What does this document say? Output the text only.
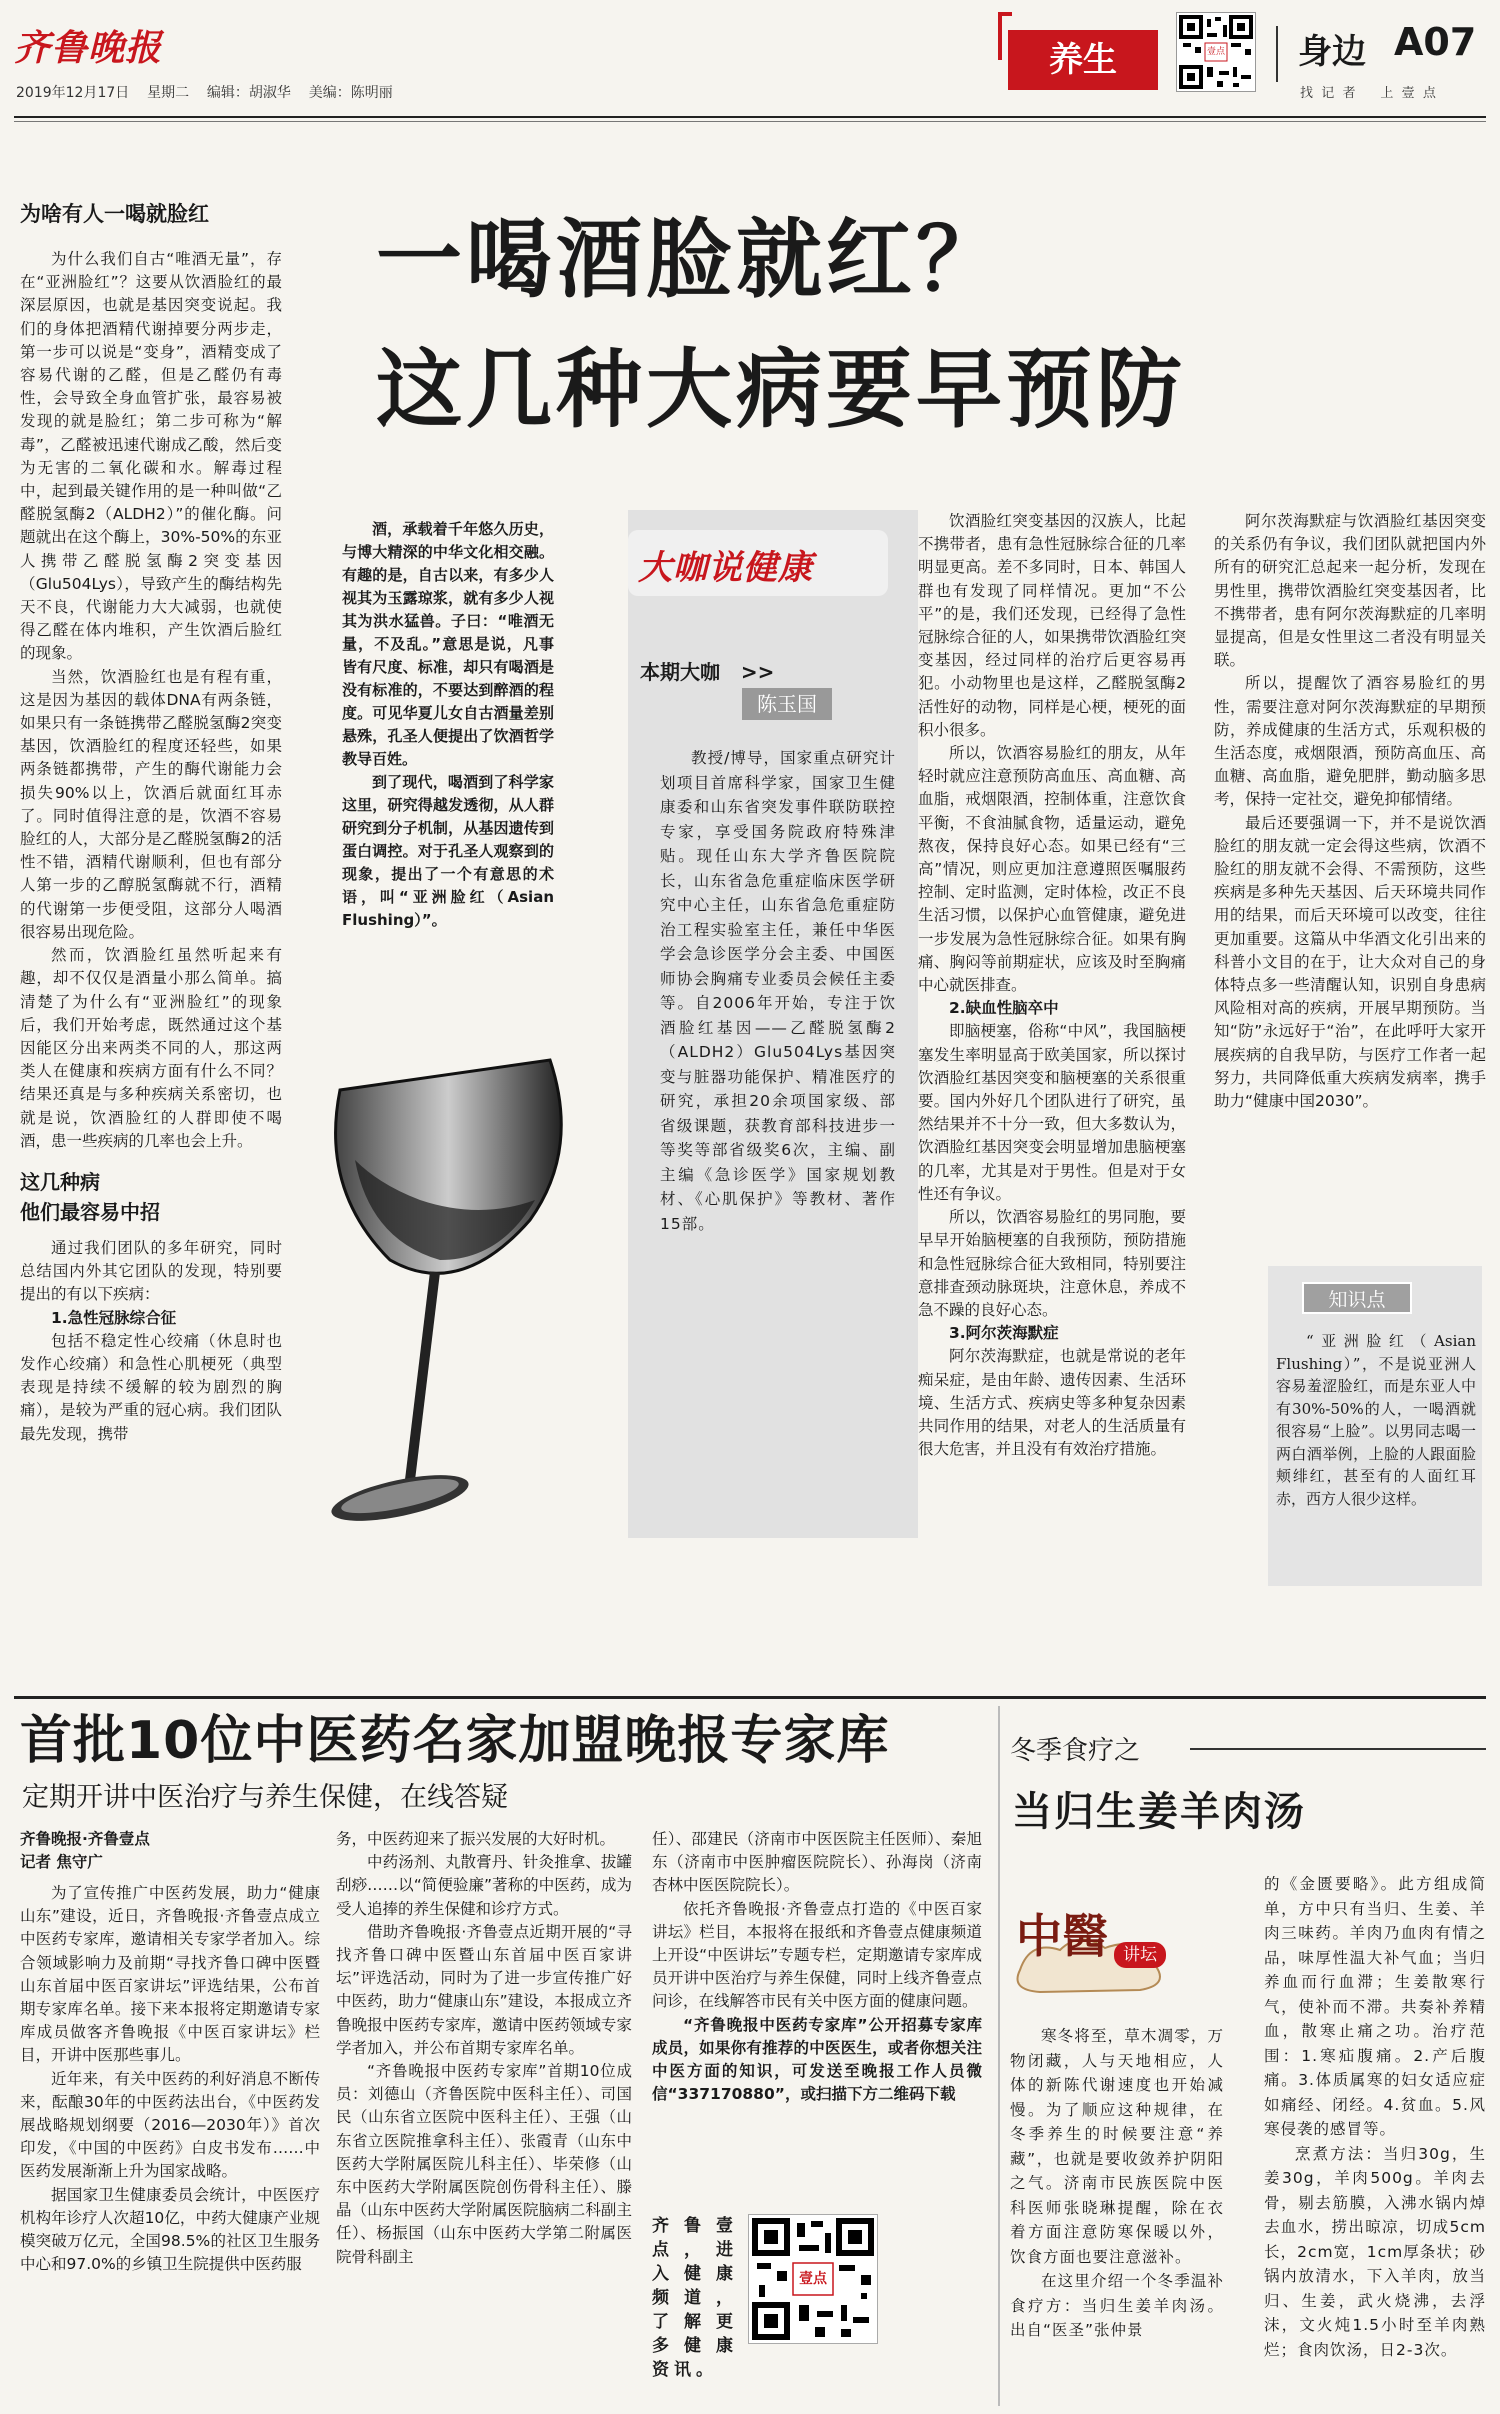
齐鲁晚报
2019年12月17日 星期二 编辑：胡淑华 美编：陈明丽
养生	壹点 身边 A07
找  记  者      上  壹  点
为啥有人一喝就脸红

为什么我们自古“唯酒无量”，存在“亚洲脸红”？这要从饮酒脸红的最深层原因，也就是基因突变说起。我们的身体把酒精代谢掉要分两步走，第一步可以说是“变身”，酒精变成了容易代谢的乙醛，但是乙醛仍有毒性，会导致全身血管扩张，最容易被发现的就是脸红；第二步可称为“解毒”，乙醛被迅速代谢成乙酸，然后变为无害的二氧化碳和水。解毒过程中，起到最关键作用的是一种叫做“乙醛脱氢酶2（ALDH2）”的催化酶。问题就出在这个酶上，30%-50%的东亚人携带乙醛脱氢酶2突变基因（Glu504Lys），导致产生的酶结构先天不良，代谢能力大大减弱，也就使得乙醛在体内堆积，产生饮酒后脸红的现象。

当然，饮酒脸红也是有程有重，这是因为基因的载体DNA有两条链，如果只有一条链携带乙醛脱氢酶2突变基因，饮酒脸红的程度还轻些，如果两条链都携带，产生的酶代谢能力会损失90%以上，饮酒后就面红耳赤了。同时值得注意的是，饮酒不容易脸红的人，大部分是乙醛脱氢酶2的活性不错，酒精代谢顺利，但也有部分人第一步的乙醇脱氢酶就不行，酒精的代谢第一步便受阻，这部分人喝酒很容易出现危险。

然而，饮酒脸红虽然听起来有趣，却不仅仅是酒量小那么简单。搞清楚了为什么有“亚洲脸红”的现象后，我们开始考虑，既然通过这个基因能区分出来两类不同的人，那这两类人在健康和疾病方面有什么不同？结果还真是与多种疾病关系密切，也就是说，饮酒脸红的人群即使不喝酒，患一些疾病的几率也会上升。

这几种病
他们最容易中招

通过我们团队的多年研究，同时总结国内外其它团队的发现，特别要提出的有以下疾病：

1.急性冠脉综合征

包括不稳定性心绞痛（休息时也发作心绞痛）和急性心肌梗死（典型表现是持续不缓解的较为剧烈的胸痛），是较为严重的冠心病。我们团队最先发现，携带

一喝酒脸就红？
这几种大病要早预防

酒，承载着千年悠久历史，与博大精深的中华文化相交融。有趣的是，自古以来，有多少人视其为玉露琼浆，就有多少人视其为洪水猛兽。子曰：“唯酒无量，不及乱。”意思是说，凡事皆有尺度、标准，却只有喝酒是没有标准的，不要达到醉酒的程度。可见华夏儿女自古酒量差别悬殊，孔圣人便提出了饮酒哲学教导百姓。

到了现代，喝酒到了科学家这里，研究得越发透彻，从人群研究到分子机制，从基因遗传到蛋白调控。对于孔圣人观察到的现象，提出了一个有意思的术语，叫“亚洲脸红（Asian Flushing）”。

大咖说健康
本期大咖   >>
陈玉国
教授/博导，国家重点研究计划项目首席科学家，国家卫生健康委和山东省突发事件联防联控专家，享受国务院政府特殊津贴。现任山东大学齐鲁医院院长，山东省急危重症临床医学研究中心主任，山东省急危重症防治工程实验室主任，兼任中华医学会急诊医学分会主委、中国医师协会胸痛专业委员会候任主委等。自2006年开始，专注于饮酒脸红基因——乙醛脱氢酶2（ALDH2）Glu504Lys基因突变与脏器功能保护、精准医疗的研究，承担20余项国家级、部省级课题，获教育部科技进步一等奖等部省级奖6次，主编、副主编《急诊医学》国家规划教材、《心肌保护》等教材、著作15部。

饮酒脸红突变基因的汉族人，比起不携带者，患有急性冠脉综合征的几率明显更高。差不多同时，日本、韩国人群也有发现了同样情况。更加“不公平”的是，我们还发现，已经得了急性冠脉综合征的人，如果携带饮酒脸红突变基因，经过同样的治疗后更容易再犯。小动物里也是这样，乙醛脱氢酶2活性好的动物，同样是心梗，梗死的面积小很多。

所以，饮酒容易脸红的朋友，从年轻时就应注意预防高血压、高血糖、高血脂，戒烟限酒，控制体重，注意饮食平衡，不食油腻食物，适量运动，避免熬夜，保持良好心态。如果已经有“三高”情况，则应更加注意遵照医嘱服药控制、定时监测，定时体检，改正不良生活习惯，以保护心血管健康，避免进一步发展为急性冠脉综合征。如果有胸痛、胸闷等前期症状，应该及时至胸痛中心就医排查。

2.缺血性脑卒中

即脑梗塞，俗称“中风”，我国脑梗塞发生率明显高于欧美国家，所以探讨饮酒脸红基因突变和脑梗塞的关系很重要。国内外好几个团队进行了研究，虽然结果并不十分一致，但大多数认为，饮酒脸红基因突变会明显增加患脑梗塞的几率，尤其是对于男性。但是对于女性还有争议。

所以，饮酒容易脸红的男同胞，要早早开始脑梗塞的自我预防，预防措施和急性冠脉综合征大致相同，特别要注意排查颈动脉斑块，注意休息，养成不急不躁的良好心态。

3.阿尔茨海默症

阿尔茨海默症，也就是常说的老年痴呆症，是由年龄、遗传因素、生活环境、生活方式、疾病史等多种复杂因素共同作用的结果，对老人的生活质量有很大危害，并且没有有效治疗措施。

阿尔茨海默症与饮酒脸红基因突变的关系仍有争议，我们团队就把国内外所有的研究汇总起来一起分析，发现在男性里，携带饮酒脸红突变基因者，比不携带者，患有阿尔茨海默症的几率明显提高，但是女性里这二者没有明显关联。

所以，提醒饮了酒容易脸红的男性，需要注意对阿尔茨海默症的早期预防，养成健康的生活方式，乐观积极的生活态度，戒烟限酒，预防高血压、高血糖、高血脂，避免肥胖，勤动脑多思考，保持一定社交，避免抑郁情绪。

最后还要强调一下，并不是说饮酒脸红的朋友就一定会得这些病，饮酒不脸红的朋友就不会得、不需预防，这些疾病是多种先天基因、后天环境共同作用的结果，而后天环境可以改变，往往更加重要。这篇从中华酒文化引出来的科普小文目的在于，让大众对自己的身体特点多一些清醒认知，识别自身患病风险相对高的疾病，开展早期预防。当知“防”永远好于“治”，在此呼吁大家开展疾病的自我早防，与医疗工作者一起努力，共同降低重大疾病发病率，携手助力“健康中国2030”。

知识点
“亚洲脸红（Asian Flushing）”，不是说亚洲人容易羞涩脸红，而是东亚人中有30%-50%的人，一喝酒就很容易“上脸”。以男同志喝一两白酒举例，上脸的人跟面脸颊绯红，甚至有的人面红耳赤，西方人很少这样。
首批10位中医药名家加盟晚报专家库
定期开讲中医治疗与养生保健，在线答疑
齐鲁晚报·齐鲁壹点
记者 焦守广

为了宣传推广中医药发展，助力“健康山东”建设，近日，齐鲁晚报·齐鲁壹点成立中医药专家库，邀请相关专家学者加入。综合领域影响力及前期“寻找齐鲁口碑中医暨山东首届中医百家讲坛”评选结果，公布首期专家库名单。接下来本报将定期邀请专家库成员做客齐鲁晚报《中医百家讲坛》栏目，开讲中医那些事儿。

近年来，有关中医药的利好消息不断传来，酝酿30年的中医药法出台，《中医药发展战略规划纲要（2016—2030年）》首次印发，《中国的中医药》白皮书发布……中医药发展渐渐上升为国家战略。

据国家卫生健康委员会统计，中医医疗机构年诊疗人次超10亿，中药大健康产业规模突破万亿元，全国98.5%的社区卫生服务中心和97.0%的乡镇卫生院提供中医药服

务，中医药迎来了振兴发展的大好时机。

中药汤剂、丸散膏丹、针灸推拿、拔罐刮痧……以“简便验廉”著称的中医药，成为受人追捧的养生保健和诊疗方式。

借助齐鲁晚报·齐鲁壹点近期开展的“寻找齐鲁口碑中医暨山东首届中医百家讲坛”评选活动，同时为了进一步宣传推广好中医药，助力“健康山东”建设，本报成立齐鲁晚报中医药专家库，邀请中医药领域专家学者加入，并公布首期专家库名单。

“齐鲁晚报中医药专家库”首期10位成员：刘德山（齐鲁医院中医科主任）、司国民（山东省立医院中医科主任）、王强（山东省立医院推拿科主任）、张霞青（山东中医药大学附属医院儿科主任）、毕荣修（山东中医药大学附属医院创伤骨科主任）、滕晶（山东中医药大学附属医院脑病二科副主任）、杨振国（山东中医药大学第二附属医院骨科副主

任）、邵建民（济南市中医医院主任医师）、秦旭东（济南市中医肿瘤医院院长）、孙海岗（济南杏林中医医院院长）。

依托齐鲁晚报·齐鲁壹点打造的《中医百家讲坛》栏目，本报将在报纸和齐鲁壹点健康频道上开设“中医讲坛”专题专栏，定期邀请专家库成员开讲中医治疗与养生保健，同时上线齐鲁壹点问诊，在线解答市民有关中医方面的健康问题。

“齐鲁晚报中医药专家库”公开招募专家库成员，如果你有推荐的中医医生，或者你想关注中医方面的知识，可发送至晚报工作人员微信“337170880”，或扫描下方二维码下载

齐鲁壹点，进入健康频道，了解更多健康资讯。
壹点
冬季食疗之
当归生姜羊肉汤
中醫 讲坛

寒冬将至，草木凋零，万物闭藏，人与天地相应，人体的新陈代谢速度也开始减慢。为了顺应这种规律，在冬季养生的时候要注意“养藏”，也就是要收敛养护阴阳之气。济南市民族医院中医科医师张晓琳提醒，除在衣着方面注意防寒保暖以外，饮食方面也要注意滋补。

在这里介绍一个冬季温补食疗方：当归生姜羊肉汤。出自“医圣”张仲景

的《金匮要略》。此方组成简单，方中只有当归、生姜、羊肉三味药。羊肉乃血肉有情之品，味厚性温大补气血；当归养血而行血滞；生姜散寒行气，使补而不滞。共奏补养精血，散寒止痛之功。治疗范围：1.寒疝腹痛。2.产后腹痛。3.体质属寒的妇女适应症如痛经、闭经。4.贫血。5.风寒侵袭的感冒等。

烹煮方法：当归30g，生姜30g，羊肉500g。羊肉去骨，剔去筋膜，入沸水锅内焯去血水，捞出晾凉，切成5cm长，2cm宽，1cm厚条状；砂锅内放清水，下入羊肉，放当归、生姜，武火烧沸，去浮沫，文火炖1.5小时至羊肉熟烂；食肉饮汤，日2-3次。
